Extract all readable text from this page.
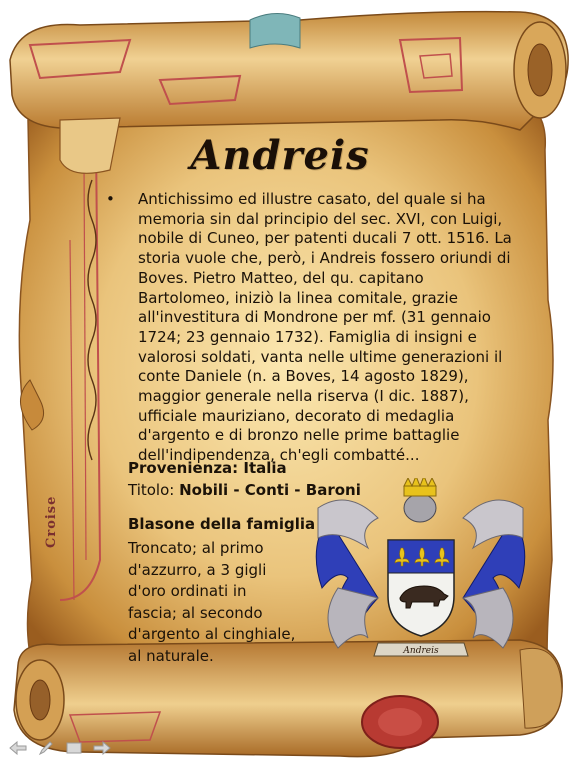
Andreis
• Antichissimo ed illustre casato, del quale si ha memoria sin dal principio del sec. XVI, con Luigi, nobile di Cuneo, per patenti ducali 7 ott. 1516. La storia vuole che, però, i Andreis fossero oriundi di Boves. Pietro Matteo, del qu. capitano Bartolomeo, iniziò la linea comitale, grazie all'investitura di Mondrone per mf. (31 gennaio 1724; 23 gennaio 1732). Famiglia di insigni e valorosi soldati, vanta nelle ultime generazioni il conte Daniele (n. a Boves, 14 agosto 1829), maggior generale nella riserva (I dic. 1887), ufficiale mauriziano, decorato di medaglia d'argento e di bronzo nelle prime battaglie dell'indipendenza, ch'egli combatté...
Provenienza: Italia
Titolo: Nobili - Conti - Baroni
Blasone della famiglia
Troncato; al primo d'azzurro, a 3 gigli d'oro ordinati in fascia; al secondo d'argento al cinghiale, al naturale.
Croise
Andreis
